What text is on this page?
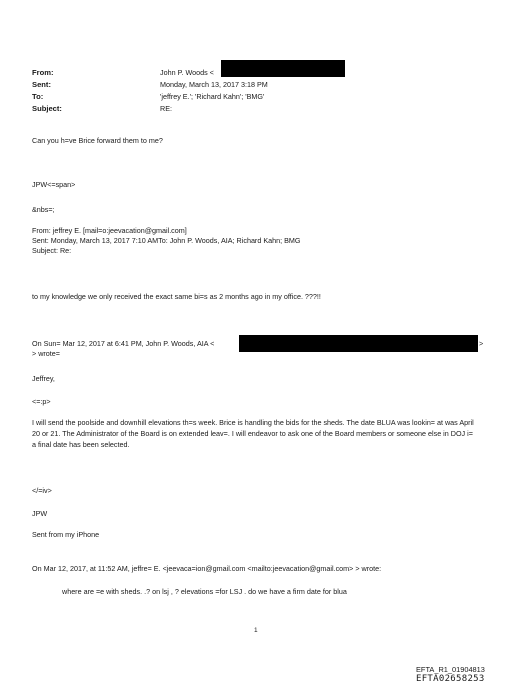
From:
Sent:
To:
Subject:
John P. Woods <
Monday, March 13, 2017 3:18 PM
'jeffrey E.'; 'Richard Kahn'; 'BMG'
RE:
Can you h=ve Brice forward them to me?
JPW<=span>
&nbs=;
From: jeffrey E. [mail=o:jeevacation@gmail.com]
Sent: Monday, March 13, 2017 7:10 AMTo: John P. Woods, AIA; Richard Kahn; BMG
Subject: Re:
to my knowledge we only received the exact same bi=s as 2 months ago in my office. ???!!
On Sun= Mar 12, 2017 at 6:41 PM, John P. Woods, AIA <	>
> wrote=
Jeffrey,
<=:p>
I will send the poolside and downhill elevations th=s week. Brice is handling the bids for the sheds. The date BLUA was lookin= at was April 20 or 21. The Administrator of the Board is on extended leav=. I will endeavor to ask one of the Board members or someone else in DOJ i= a final date has been selected.
</=iv>
JPW
Sent from my iPhone
On Mar 12, 2017, at 11:52 AM, jeffre= E. <jeevaca=ion@gmail.com <mailto:jeevacation@gmail.com> > wrote:
where are =e with sheds. .? on lsj , ? elevations =for LSJ . do we have a firm date for blua
1
EFTA_R1_01904813
EFTA02658253
